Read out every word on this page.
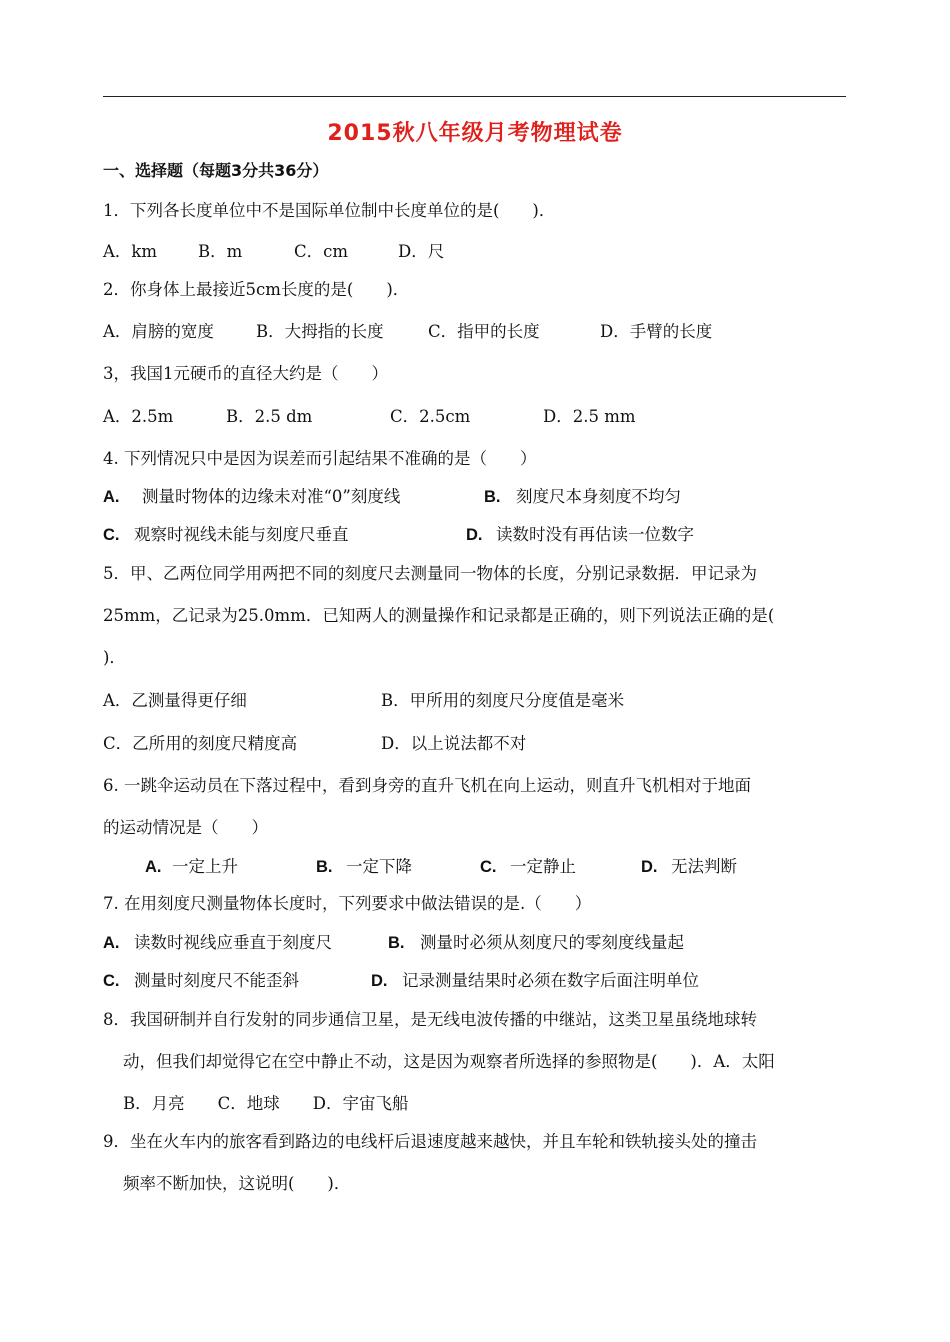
2015秋八年级月考物理试卷
一、选择题（每题3分共36分）
1．下列各长度单位中不是国际单位制中长度单位的是(　　)．
A．km B．m	C．cm	D．尺
2．你身体上最接近5cm长度的是(　　)．
A．肩膀的宽度	B．大拇指的长度	C．指甲的长度	D．手臂的长度
3，我国1元硬币的直径大约是（　　）
A．2.5m	B．2.5 dm	C．2.5cm	D．2.5 mm
4. 下列情况只中是因为误差而引起结果不准确的是（　　）
A. 测量时物体的边缘未对准“0”刻度线	B. 刻度尺本身刻度不均匀
C. 观察时视线未能与刻度尺垂直	D. 读数时没有再估读一位数字
5．甲、乙两位同学用两把不同的刻度尺去测量同一物体的长度，分别记录数据．甲记录为
25mm，乙记录为25.0mm．已知两人的测量操作和记录都是正确的，则下列说法正确的是(
)．
A．乙测量得更仔细	B．甲所用的刻度尺分度值是毫米
C．乙所用的刻度尺精度高	D．以上说法都不对
6. 一跳伞运动员在下落过程中，看到身旁的直升飞机在向上运动，则直升飞机相对于地面
的运动情况是（　　）
A. 一定上升	B. 一定下降	C. 一定静止	D. 无法判断
7. 在用刻度尺测量物体长度时，下列要求中做法错误的是.（　　）
A. 读数时视线应垂直于刻度尺	B. 测量时必须从刻度尺的零刻度线量起
C. 测量时刻度尺不能歪斜	D. 记录测量结果时必须在数字后面注明单位
8．我国研制并自行发射的同步通信卫星，是无线电波传播的中继站，这类卫星虽绕地球转
动，但我们却觉得它在空中静止不动，这是因为观察者所选择的参照物是(　　)．A．太阳
B．月亮　　C．地球　　D．宇宙飞船
9．坐在火车内的旅客看到路边的电线杆后退速度越来越快，并且车轮和铁轨接头处的撞击
频率不断加快，这说明(　　)．
